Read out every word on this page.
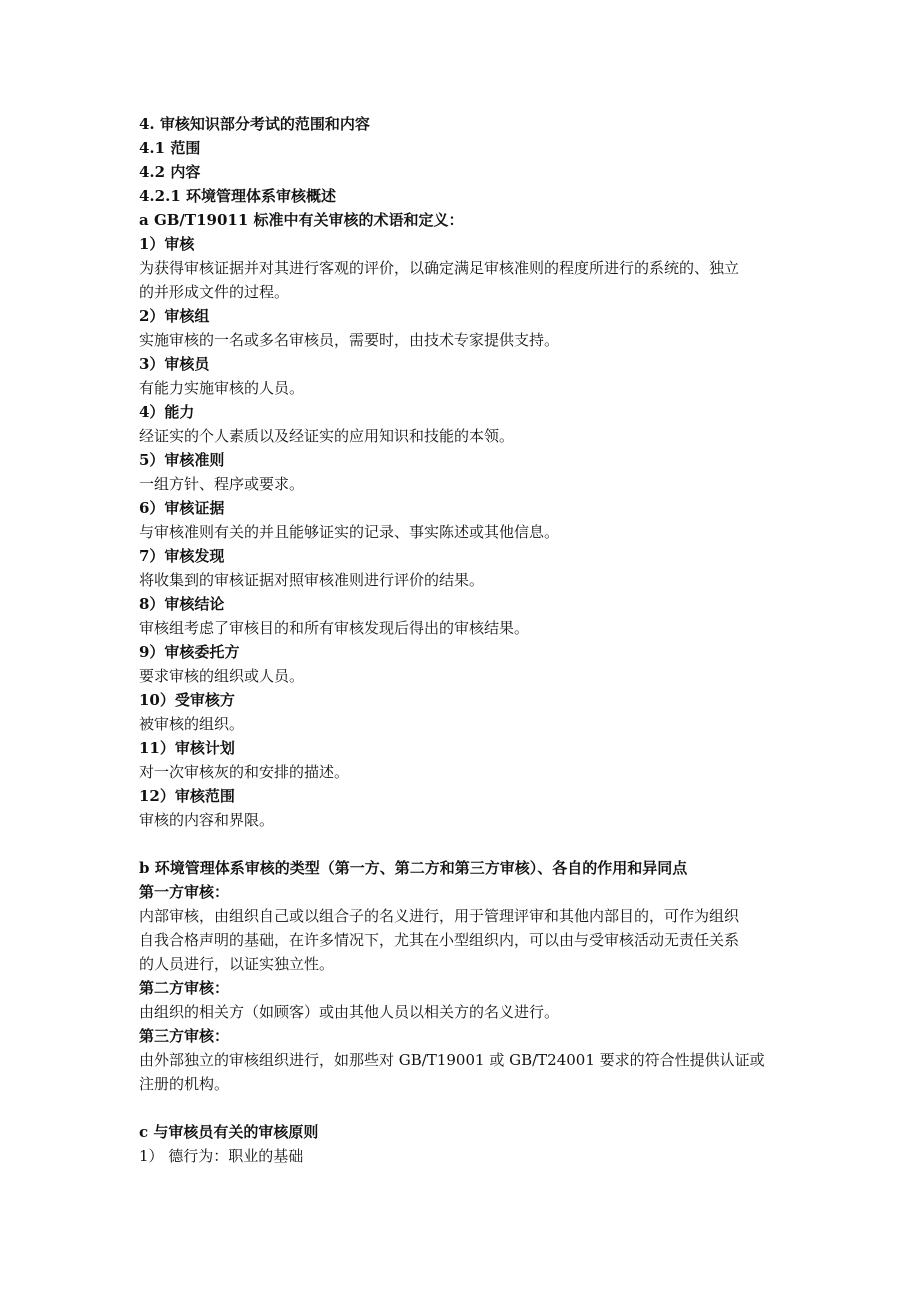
4. 审核知识部分考试的范围和内容
4.1 范围
4.2 内容
4.2.1 环境管理体系审核概述
a GB/T19011 标准中有关审核的术语和定义：
1）审核
为获得审核证据并对其进行客观的评价，以确定满足审核准则的程度所进行的系统的、独立
的并形成文件的过程。
2）审核组
实施审核的一名或多名审核员，需要时，由技术专家提供支持。
3）审核员
有能力实施审核的人员。
4）能力
经证实的个人素质以及经证实的应用知识和技能的本领。
5）审核准则
一组方针、程序或要求。
6）审核证据
与审核准则有关的并且能够证实的记录、事实陈述或其他信息。
7）审核发现
将收集到的审核证据对照审核准则进行评价的结果。
8）审核结论
审核组考虑了审核目的和所有审核发现后得出的审核结果。
9）审核委托方
要求审核的组织或人员。
10）受审核方
被审核的组织。
11）审核计划
对一次审核灰的和安排的描述。
12）审核范围
审核的内容和界限。
b 环境管理体系审核的类型（第一方、第二方和第三方审核）、各自的作用和异同点
第一方审核：
内部审核，由组织自己或以组合子的名义进行，用于管理评审和其他内部目的，可作为组织
自我合格声明的基础，在许多情况下，尤其在小型组织内，可以由与受审核活动无责任关系
的人员进行，以证实独立性。
第二方审核：
由组织的相关方（如顾客）或由其他人员以相关方的名义进行。
第三方审核：
由外部独立的审核组织进行，如那些对 GB/T19001 或 GB/T24001 要求的符合性提供认证或
注册的机构。
c 与审核员有关的审核原则
1） 德行为：职业的基础
